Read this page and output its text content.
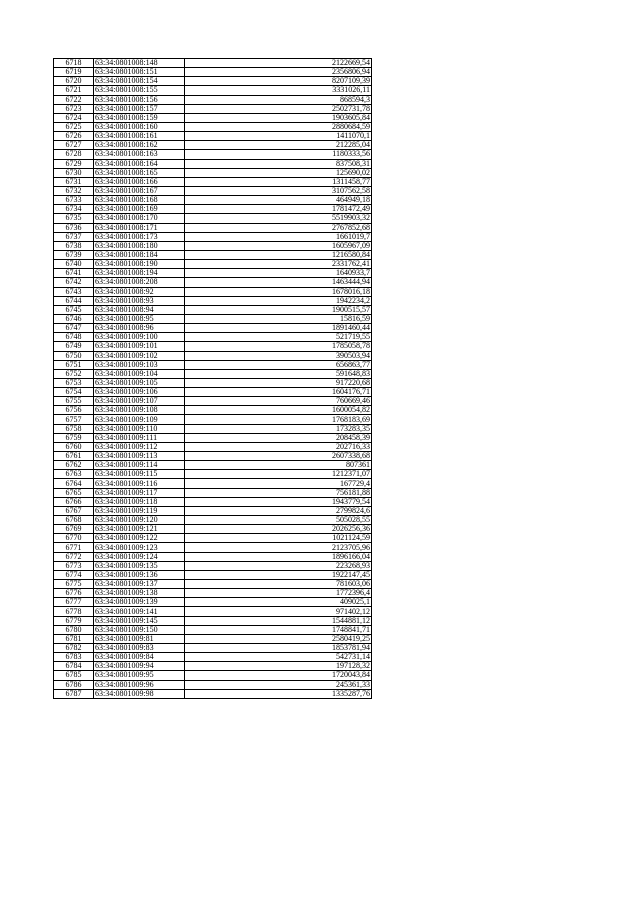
6718	63:34:0801008:148	2122669,54
6719	63:34:0801008:151	2356806,94
6720	63:34:0801008:154	8207109,39
6721	63:34:0801008:155	3331026,11
6722	63:34:0801008:156	868594,3
6723	63:34:0801008:157	2502731,78
6724	63:34:0801008:159	1903605,84
6725	63:34:0801008:160	2880684,59
6726	63:34:0801008:161	1411070,1
6727	63:34:0801008:162	212285,04
6728	63:34:0801008:163	1180333,56
6729	63:34:0801008:164	837508,31
6730	63:34:0801008:165	125690,02
6731	63:34:0801008:166	1311458,77
6732	63:34:0801008:167	3107562,58
6733	63:34:0801008:168	464949,18
6734	63:34:0801008:169	1781472,49
6735	63:34:0801008:170	5519903,32
6736	63:34:0801008:171	2767852,68
6737	63:34:0801008:173	1661019,7
6738	63:34:0801008:180	1605967,09
6739	63:34:0801008:184	1216580,84
6740	63:34:0801008:190	2331762,41
6741	63:34:0801008:194	1640933,7
6742	63:34:0801008:208	1463444,94
6743	63:34:0801008:92	1678016,18
6744	63:34:0801008:93	1942234,2
6745	63:34:0801008:94	1900515,57
6746	63:34:0801008:95	15816,59
6747	63:34:0801008:96	1891460,44
6748	63:34:0801009:100	521719,55
6749	63:34:0801009:101	1785058,78
6750	63:34:0801009:102	390503,94
6751	63:34:0801009:103	656863,77
6752	63:34:0801009:104	591648,83
6753	63:34:0801009:105	917220,68
6754	63:34:0801009:106	1604176,71
6755	63:34:0801009:107	760669,46
6756	63:34:0801009:108	1600054,82
6757	63:34:0801009:109	1768183,69
6758	63:34:0801009:110	173283,35
6759	63:34:0801009:111	208458,39
6760	63:34:0801009:112	202716,33
6761	63:34:0801009:113	2607338,68
6762	63:34:0801009:114	807361
6763	63:34:0801009:115	1212371,07
6764	63:34:0801009:116	167729,4
6765	63:34:0801009:117	756181,88
6766	63:34:0801009:118	1943779,54
6767	63:34:0801009:119	2799824,6
6768	63:34:0801009:120	505028,55
6769	63:34:0801009:121	2026256,36
6770	63:34:0801009:122	1021124,59
6771	63:34:0801009:123	2123705,96
6772	63:34:0801009:124	1896166,04
6773	63:34:0801009:135	223268,93
6774	63:34:0801009:136	1922147,45
6775	63:34:0801009:137	781603,06
6776	63:34:0801009:138	1772396,4
6777	63:34:0801009:139	409025,1
6778	63:34:0801009:141	971402,12
6779	63:34:0801009:145	1544881,12
6780	63:34:0801009:150	1748841,71
6781	63:34:0801009:81	2580419,25
6782	63:34:0801009:83	1853781,94
6783	63:34:0801009:84	542731,14
6784	63:34:0801009:94	197128,32
6785	63:34:0801009:95	1720043,84
6786	63:34:0801009:96	245361,33
6787	63:34:0801009:98	1335287,76
